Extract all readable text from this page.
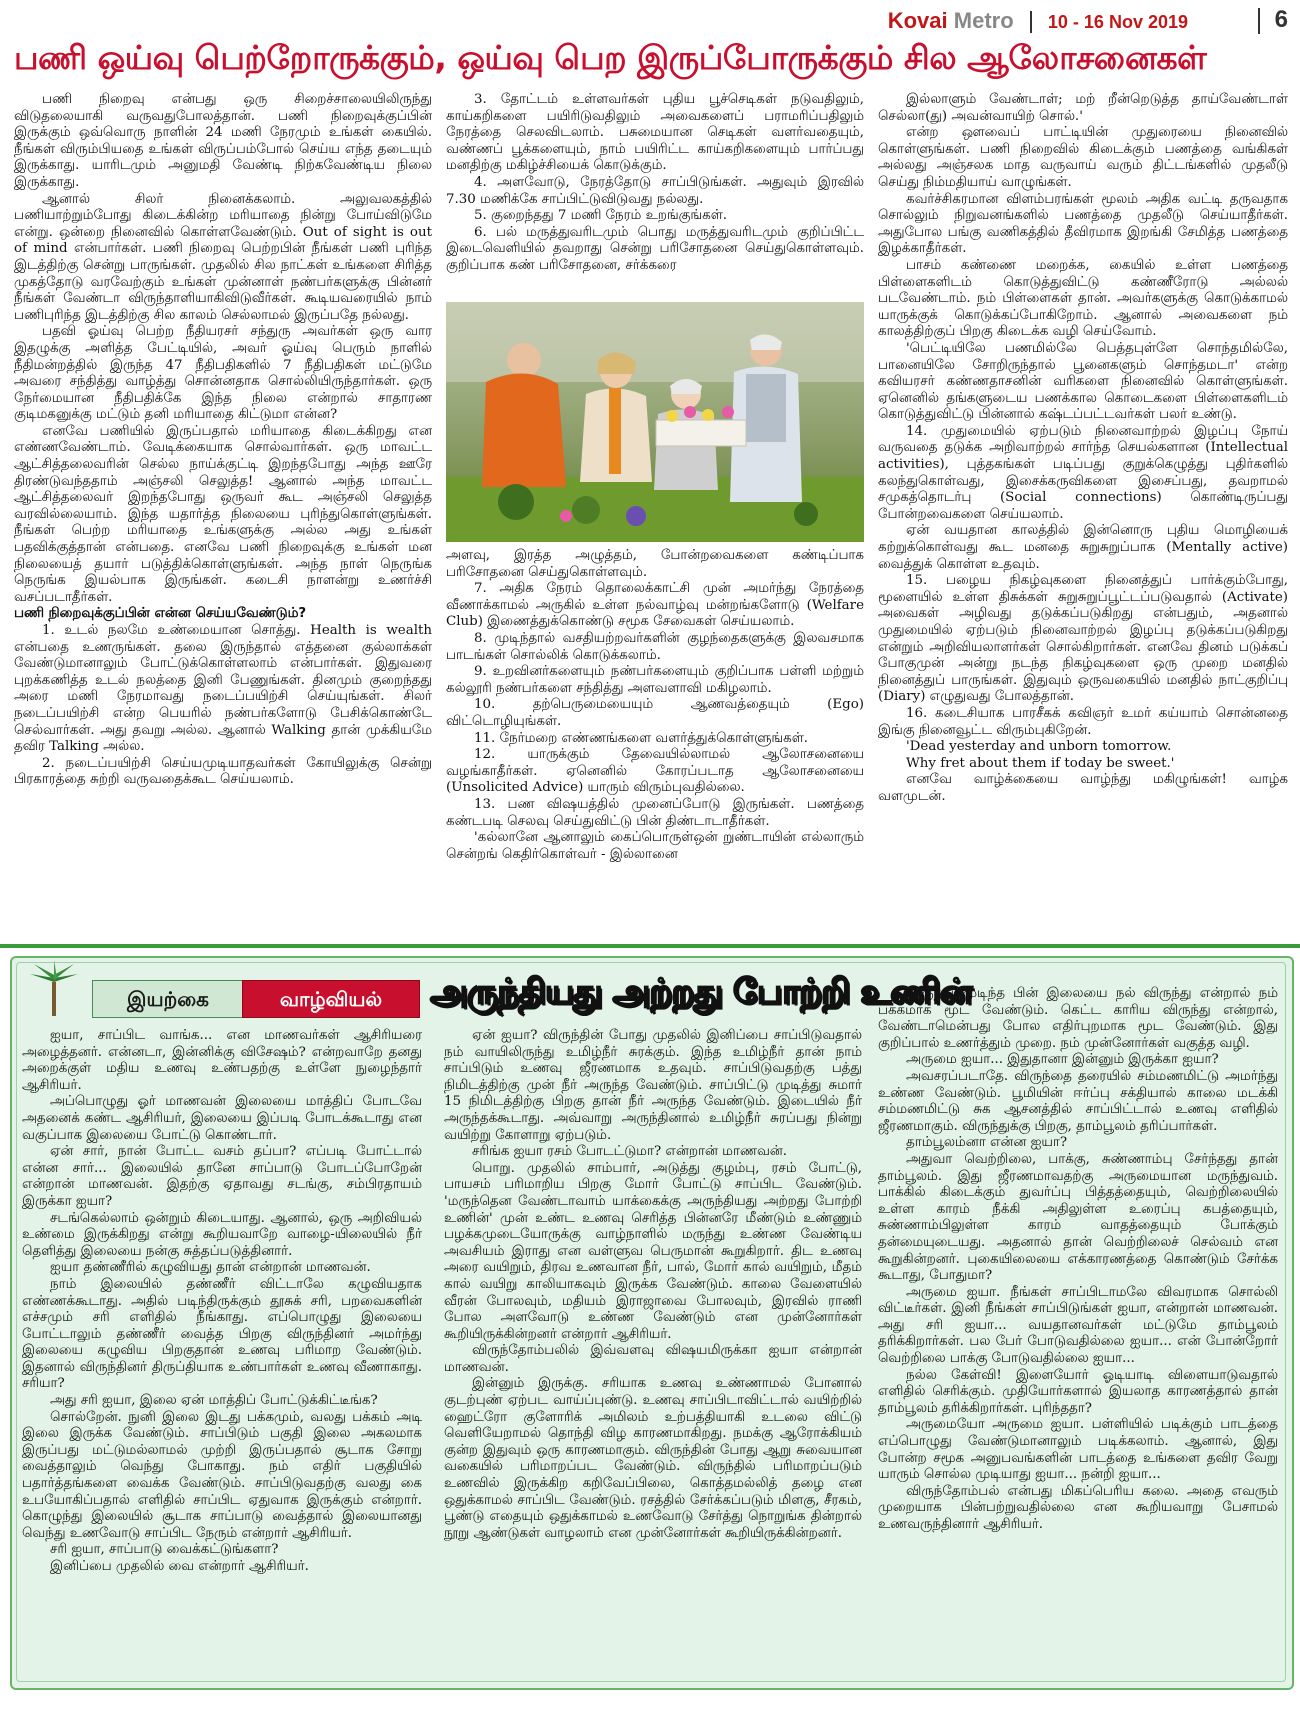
Kovai Metro 10 - 16 Nov 2019	6
பணி ஒய்வு பெற்றோருக்கும், ஒய்வு பெற இருப்போருக்கும் சில ஆலோசனைகள்

பணி நிறைவு என்பது ஒரு சிறைச்சாலையிலிருந்து விடுதலையாகி வருவதுபோலத்தான். பணி நிறைவுக்குப்பின் இருக்கும் ஒவ்வொரு நாளின் 24 மணி நேரமும் உங்கள் கையில். நீங்கள் விரும்பியதை உங்கள் விருப்பம்போல் செய்ய எந்த தடையும் இருக்காது. யாரிடமும் அனுமதி வேண்டி நிற்கவேண்டிய நிலை இருக்காது.

ஆனால் சிலர் நினைக்கலாம். அலுவலகத்தில் பணியாற்றும்போது கிடைக்கின்ற மரியாதை நின்று போய்விடுமே என்று. ஒன்றை நினைவில் கொள்ளவேண்டும். Out of sight is out of mind என்பார்கள். பணி நிறைவு பெற்றபின் நீங்கள் பணி புரிந்த இடத்திற்கு சென்று பாருங்கள். முதலில் சில நாட்கள் உங்களை சிரித்த முகத்தோடு வரவேற்கும் உங்கள் முன்னாள் நண்பர்களுக்கு பின்னர் நீங்கள் வேண்டா விருந்தாளியாகிவிடுவீர்கள். கூடியவரையில் நாம் பணிபுரிந்த இடத்திற்கு சில காலம் செல்லாமல் இருப்பதே நல்லது.

பதவி ஓய்வு பெற்ற நீதியரசர் சந்துரு அவர்கள் ஒரு வார இதழுக்கு அளித்த பேட்டியில், அவர் ஓய்வு பெரும் நாளில் நீதிமன்றத்தில் இருந்த 47 நீதிபதிகளில் 7 நீதிபதிகள் மட்டுமே அவரை சந்தித்து வாழ்த்து சொன்னதாக சொல்லியிருந்தார்கள். ஒரு நேர்மையான நீதிபதிக்கே இந்த நிலை என்றால் சாதாரண குடிமகனுக்கு மட்டும் தனி மரியாதை கிட்டுமா என்ன?

எனவே பணியில் இருப்பதால் மரியாதை கிடைக்கிறது என எண்ணவேண்டாம். வேடிக்கையாக சொல்வார்கள். ஒரு மாவட்ட ஆட்சித்தலைவரின் செல்ல நாய்க்குட்டி இறந்தபோது அந்த ஊரே திரண்டுவந்ததாம் அஞ்சலி செலுத்த! ஆனால் அந்த மாவட்ட ஆட்சித்தலைவர் இறந்தபோது ஒருவர் கூட அஞ்சலி செலுத்த வரவில்லையாம். இந்த யதார்த்த நிலையை புரிந்துகொள்ளுங்கள். நீங்கள் பெற்ற மரியாதை உங்களுக்கு அல்ல அது உங்கள் பதவிக்குத்தான் என்பதை. எனவே பணி நிறைவுக்கு உங்கள் மன நிலையைத் தயார் படுத்திக்கொள்ளுங்கள். அந்த நாள் நெருங்க நெருங்க இயல்பாக இருங்கள். கடைசி நாளன்று உணர்ச்சி வசப்படாதீர்கள்.

பணி நிறைவுக்குப்பின் என்ன செய்யவேண்டும்?

1. உடல் நலமே உண்மையான சொத்து. Health is wealth என்பதை உணருங்கள். தலை இருந்தால் எத்தனை குல்லாக்கள் வேண்டுமானாலும் போட்டுக்கொள்ளலாம் என்பார்கள். இதுவரை புறக்கணித்த உடல் நலத்தை இனி பேணுங்கள். தினமும் குறைந்தது அரை மணி நேரமாவது நடைப்பயிற்சி செய்யுங்கள். சிலர் நடைப்பயிற்சி என்ற பெயரில் நண்பர்களோடு பேசிக்கொண்டே செல்வார்கள். அது தவறு அல்ல. ஆனால் Walking தான் முக்கியமே தவிர Talking அல்ல.

2. நடைப்பயிற்சி செய்யமுடியாதவர்கள் கோயிலுக்கு சென்று பிரகாரத்தை சுற்றி வருவதைக்கூட செய்யலாம்.

3. தோட்டம் உள்ளவர்கள் புதிய பூச்செடிகள் நடுவதிலும், காய்கறிகளை பயிரிடுவதிலும் அவைகளைப் பராமரிப்பதிலும் நேரத்தை செலவிடலாம். பசுமையான செடிகள் வளர்வதையும், வண்ணப் பூக்களையும், நாம் பயிரிட்ட காய்கறிகளையும் பார்ப்பது மனதிற்கு மகிழ்ச்சியைக் கொடுக்கும்.

4. அளவோடு, நேரத்தோடு சாப்பிடுங்கள். அதுவும் இரவில் 7.30 மணிக்கே சாப்பிட்டுவிடுவது நல்லது.

5. குறைந்தது 7 மணி நேரம் உறங்குங்கள்.

6. பல் மருத்துவரிடமும் பொது மருத்துவரிடமும் குறிப்பிட்ட இடைவெளியில் தவறாது சென்று பரிசோதனை செய்துகொள்ளவும். குறிப்பாக கண் பரிசோதனை, சர்க்கரை

அளவு, இரத்த அழுத்தம், போன்றவைகளை கண்டிப்பாக பரிசோதனை செய்துகொள்ளவும்.

7. அதிக நேரம் தொலைக்காட்சி முன் அமர்ந்து நேரத்தை வீணாக்காமல் அருகில் உள்ள நல்வாழ்வு மன்றங்களோடு (Welfare Club) இணைத்துக்கொண்டு சமூக சேவைகள் செய்யலாம்.

8. முடிந்தால் வசதியற்றவர்களின் குழந்தைகளுக்கு இலவசமாக பாடங்கள் சொல்லிக் கொடுக்கலாம்.

9. உறவினர்களையும் நண்பர்களையும் குறிப்பாக பள்ளி மற்றும் கல்லூரி நண்பர்களை சந்தித்து அளவளாவி மகிழலாம்.

10. தற்பெருமையையும் ஆணவத்தையும் (Ego) விட்டொழியுங்கள்.

11. நேர்மறை எண்ணங்களை வளர்த்துக்கொள்ளுங்கள்.

12. யாருக்கும் தேவையில்லாமல் ஆலோசனையை வழங்காதீர்கள். ஏனெனில் கோரப்படாத ஆலோசனையை (Unsolicited Advice) யாரும் விரும்புவதில்லை.

13. பண விஷயத்தில் முனைப்போடு இருங்கள். பணத்தை கண்டபடி செலவு செய்துவிட்டு பின் திண்டாடாதீர்கள்.

'கல்லானே ஆனாலும் கைப்பொருள்ஒன் றுண்டாயின் எல்லாரும் சென்றங் கெதிர்கொள்வர் - இல்லானை

இல்லாளும் வேண்டாள்; மற் றீன்றெடுத்த தாய்வேண்டாள் செல்லா(து) அவன்வாயிற் சொல்.'

என்ற ஔவைப் பாட்டியின் முதுரையை நினைவில் கொள்ளுங்கள். பணி நிறைவில் கிடைக்கும் பணத்தை வங்கிகள் அல்லது அஞ்சலக மாத வருவாய் வரும் திட்டங்களில் முதலீடு செய்து நிம்மதியாய் வாழுங்கள்.

கவர்ச்சிகரமான விளம்பரங்கள் மூலம் அதிக வட்டி தருவதாக சொல்லும் நிறுவனங்களில் பணத்தை முதலீடு செய்யாதீர்கள். அதுபோல பங்கு வணிகத்தில் தீவிரமாக இறங்கி சேமித்த பணத்தை இழக்காதீர்கள்.

பாசம் கண்ணை மறைக்க, கையில் உள்ள பணத்தை பிள்ளைகளிடம் கொடுத்துவிட்டு கண்ணீரோடு அல்லல் படவேண்டாம். நம் பிள்ளைகள் தான். அவர்களுக்கு கொடுக்காமல் யாருக்குக் கொடுக்கப்போகிறோம். ஆனால் அவைகளை நம் காலத்திற்குப் பிறகு கிடைக்க வழி செய்வோம்.

'பெட்டியிலே பணமில்லே பெத்தபுள்ளே சொந்தமில்லே, பானையிலே சோறிருந்தால் பூனைகளும் சொந்தமடா' என்ற கவியரசர் கண்ணதாசனின் வரிகளை நினைவில் கொள்ளுங்கள். ஏனெனில் தங்களுடைய பணக்கால கொடைகளை பிள்ளைகளிடம் கொடுத்துவிட்டு பின்னால் கஷ்டப்பட்டவர்கள் பலர் உண்டு.

14. முதுமையில் ஏற்படும் நினைவாற்றல் இழப்பு நோய் வருவதை தடுக்க அறிவாற்றல் சார்ந்த செயல்களான (Intellectual activities), புத்தகங்கள் படிப்பது குறுக்கெழுத்து புதிர்களில் கலந்துகொள்வது, இசைக்கருவிகளை இசைப்பது, தவறாமல் சமுகத்தொடர்பு (Social connections) கொண்டிருப்பது போன்றவைகளை செய்யலாம்.

ஏன் வயதான காலத்தில் இன்னொரு புதிய மொழியைக் கற்றுக்கொள்வது கூட மனதை சுறுசுறுப்பாக (Mentally active) வைத்துக் கொள்ள உதவும்.

15. பழைய நிகழ்வுகளை நினைத்துப் பார்க்கும்போது, மூளையில் உள்ள திசுக்கள் சுறுசுறுப்பூட்டப்படுவதால் (Activate) அவைகள் அழிவது தடுக்கப்படுகிறது என்பதும், அதனால் முதுமையில் ஏற்படும் நினைவாற்றல் இழப்பு தடுக்கப்படுகிறது என்றும் அறிவியலாளர்கள் சொல்கிறார்கள். எனவே தினம் படுக்கப் போகுமுன் அன்று நடந்த நிகழ்வுகளை ஒரு முறை மனதில் நினைத்துப் பாருங்கள். இதுவும் ஒருவகையில் மனதில் நாட்குறிப்பு (Diary) எழுதுவது போலத்தான்.

16. கடைசியாக பாரசீகக் கவிஞர் உமர் கய்யாம் சொன்னதை இங்கு நினைவூட்ட விரும்புகிறேன்.

'Dead yesterday and unborn tomorrow.

Why fret about them if today be sweet.'

எனவே வாழ்க்கையை வாழ்ந்து மகிழுங்கள்! வாழ்க வளமுடன்.

இயற்கை	வாழ்வியல்	அருந்தியது அற்றது போற்றி உணின்

ஐயா, சாப்பிட வாங்க... என மாணவர்கள் ஆசிரியரை அழைத்தனர். என்னடா, இன்னிக்கு விசேஷம்? என்றவாறே தனது அறைக்குள் மதிய உணவு உண்பதற்கு உள்ளே நுழைந்தார் ஆசிரியர்.

அப்பொழுது ஓர் மாணவன் இலையை மாத்திப் போடவே அதனைக் கண்ட ஆசிரியர், இலையை இப்படி போடக்கூடாது என வகுப்பாக இலையை போட்டு கொண்டார்.

ஏன் சார், நான் போட்ட வசம் தப்பா? எப்படி போட்டால் என்ன சார்... இலையில் தானே சாப்பாடு போடப்போறேன் என்றான் மாணவன். இதற்கு ஏதாவது சடங்கு, சம்பிரதாயம் இருக்கா ஐயா?

சடங்கெல்லாம் ஒன்றும் கிடையாது. ஆனால், ஒரு அறிவியல் உண்மை இருக்கிறது என்று கூறியவாறே வாழை-யிலையில் நீர் தெளித்து இலையை நன்கு சுத்தப்படுத்தினார்.

ஐயா தண்ணீரில் கழுவியது தான் என்றான் மாணவன்.

நாம் இலையில் தண்ணீர் விட்டாலே கழுவியதாக எண்ணக்கூடாது. அதில் படிந்திருக்கும் தூசுக் சரி, பறவைகளின் எச்சமும் சரி எளிதில் நீங்காது. எப்பொழுது இலையை போட்டாலும் தண்ணீர் வைத்த பிறகு விருந்தினர் அமர்ந்து இலையை கழுவிய பிறகுதான் உணவு பரிமாற வேண்டும். இதனால் விருந்தினர் திருப்தியாக உண்பார்கள் உணவு வீணாகாது. சரியா?

அது சரி ஐயா, இலை ஏன் மாத்திப் போட்டுக்கிட்டீங்க?

சொல்றேன். நுனி இலை இடது பக்கமும், வலது பக்கம் அடி இலை இருக்க வேண்டும். சாப்பிடும் பகுதி இலை அகலமாக இருப்பது மட்டுமல்லாமல் முற்றி இருப்பதால் சூடாக சோறு வைத்தாலும் வெந்து போகாது. நம் எதிர் பகுதியில் பதார்த்தங்களை வைக்க வேண்டும். சாப்பிடுவதற்கு வலது கை உபயோகிப்பதால் எளிதில் சாப்பிட ஏதுவாக இருக்கும் என்றார். கொழுந்து இலையில் சூடாக சாப்பாடு வைத்தால் இலையானது வெந்து உணவோடு சாப்பிட நேரும் என்றார் ஆசிரியர்.

சரி ஐயா, சாப்பாடு வைக்கட்டுங்களா?

இனிப்பை முதலில் வை என்றார் ஆசிரியர்.

ஏன் ஐயா? விருந்தின் போது முதலில் இனிப்பை சாப்பிடுவதால் நம் வாயிலிருந்து உமிழ்நீர் சுரக்கும். இந்த உமிழ்நீர் தான் நாம் சாப்பிடும் உணவு ஜீரணமாக உதவும். சாப்பிடுவதற்கு பத்து நிமிடத்திற்கு முன் நீர் அருந்த வேண்டும். சாப்பிட்டு முடித்து சுமார் 15 நிமிடத்திற்கு பிறகு தான் நீர் அருந்த வேண்டும். இடையில் நீர் அருந்தக்கூடாது. அவ்வாறு அருந்தினால் உமிழ்நீர் சுரப்பது நின்று வயிற்று கோளாறு ஏற்படும்.

சரிங்க ஐயா ரசம் போடட்டுமா? என்றான் மாணவன்.

பொறு. முதலில் சாம்பார், அடுத்து குழம்பு, ரசம் போட்டு, பாயசம் பரிமாறிய பிறகு மோர் போட்டு சாப்பிட வேண்டும். 'மருந்தென வேண்டாவாம் யாக்கைக்கு அருந்தியது அற்றது போற்றி உணின்' முன் உண்ட உணவு செரித்த பின்னரே மீண்டும் உண்ணும் பழக்கமுடையோருக்கு வாழ்நாளில் மருந்து உண்ண வேண்டிய அவசியம் இராது என வள்ளுவ பெருமான் கூறுகிறார். திட உணவு அரை வயிறும், திரவ உணவான நீர், பால், மோர் கால் வயிறும், மீதம் கால் வயிறு காலியாகவும் இருக்க வேண்டும். காலை வேளையில் வீரன் போலவும், மதியம் இராஜாவை போலவும், இரவில் ராணி போல அளவோடு உண்ண வேண்டும் என முன்னோர்கள் கூறியிருக்கின்றனர் என்றார் ஆசிரியர்.

விருந்தோம்பலில் இவ்வளவு விஷயமிருக்கா ஐயா என்றான் மாணவன்.

இன்னும் இருக்கு. சரியாக உணவு உண்ணாமல் போனால் குடற்புண் ஏற்பட வாய்ப்புண்டு. உணவு சாப்பிடாவிட்டால் வயிற்றில் ஹைட்ரோ குளோரிக் அமிலம் உற்பத்தியாகி உடலை விட்டு வெளியேறாமல் தொந்தி விழ காரணமாகிறது. நமக்கு ஆரோக்கியம் குன்ற இதுவும் ஒரு காரணமாகும். விருந்தின் போது ஆறு சுவையான வகையில் பரிமாறப்பட வேண்டும். விருந்தில் பரிமாறப்படும் உணவில் இருக்கிற கறிவேப்பிலை, கொத்தமல்லித் தழை என ஒதுக்காமல் சாப்பிட வேண்டும். ரசத்தில் சேர்க்கப்படும் மிளகு, சீரகம், பூண்டு எதையும் ஒதுக்காமல் உணவோடு சேர்த்து நொறுங்க தின்றால் நூறு ஆண்டுகள் வாழலாம் என முன்னோர்கள் கூறியிருக்கின்றனர்.

விருந்து முடிந்த பின் இலையை நல் விருந்து என்றால் நம் பக்கமாக மூட வேண்டும். கெட்ட காரிய விருந்து என்றால், வேண்டாமென்பது போல எதிர்புறமாக மூட வேண்டும். இது குறிப்பால் உணர்த்தும் முறை. நம் முன்னோர்கள் வகுத்த வழி.

அருமை ஐயா... இதுதானா இன்னும் இருக்கா ஐயா?

அவசரப்படாதே. விருந்தை தரையில் சம்மணமிட்டு அமர்ந்து உண்ண வேண்டும். பூமியின் ஈர்ப்பு சக்தியால் காலை மடக்கி சம்மணமிட்டு சுக ஆசனத்தில் சாப்பிட்டால் உணவு எளிதில் ஜீரணமாகும். விருந்துக்கு பிறகு, தாம்பூலம் தரிப்பார்கள்.

தாம்பூலம்னா என்ன ஐயா?

அதுவா வெற்றிலை, பாக்கு, சுண்ணாம்பு சேர்ந்தது தான் தாம்பூலம். இது ஜீரணமாவதற்கு அருமையான மருந்துவம். பாக்கில் கிடைக்கும் துவர்ப்பு பித்தத்தையும், வெற்றிலையில் உள்ள காரம் நீக்கி அதிலுள்ள உரைப்பு கபத்தையும், சுண்ணாம்பிலுள்ள காரம் வாதத்தையும் போக்கும் தன்மையுடையது. அதனால் தான் வெற்றிலைச் செல்வம் என கூறுகின்றனர். புகையிலையை எக்காரணத்தை கொண்டும் சேர்க்க கூடாது, போதுமா?

அருமை ஐயா. நீங்கள் சாப்பிடாமலே விவரமாக சொல்லி விட்டீர்கள். இனி நீங்கள் சாப்பிடுங்கள் ஐயா, என்றான் மாணவன். அது சரி ஐயா... வயதானவர்கள் மட்டுமே தாம்பூலம் தரிக்கிறார்கள். பல பேர் போடுவதில்லை ஐயா... என் போன்றோர் வெற்றிலை பாக்கு போடுவதில்லை ஐயா...

நல்ல கேள்வி! இளையோர் ஓடியாடி விளையாடுவதால் எளிதில் செரிக்கும். முதியோர்களால் இயலாத காரணத்தால் தான் தாம்பூலம் தரிக்கிறார்கள். புரிந்ததா?

அருமையோ அருமை ஐயா. பள்ளியில் படிக்கும் பாடத்தை எப்பொழுது வேண்டுமானாலும் படிக்கலாம். ஆனால், இது போன்ற சமூக அனுபவங்களின் பாடத்தை உங்களை தவிர வேறு யாரும் சொல்ல முடியாது ஐயா... நன்றி ஐயா...

விருந்தோம்பல் என்பது மிகப்பெரிய கலை. அதை எவரும் முறையாக பின்பற்றுவதில்லை என கூறியவாறு பேசாமல் உணவருந்தினார் ஆசிரியர்.
